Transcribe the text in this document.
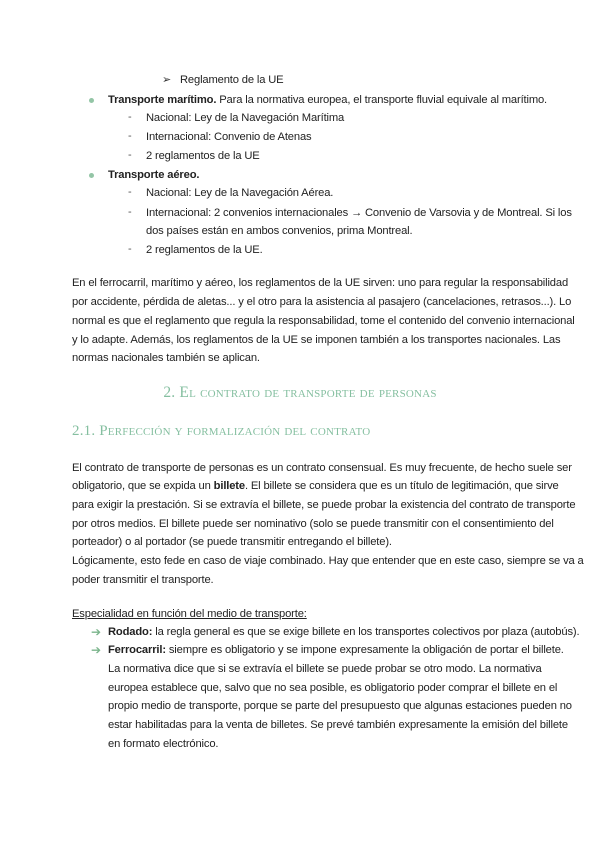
➢ Reglamento de la UE
Transporte marítimo. Para la normativa europea, el transporte fluvial equivale al marítimo.
- Nacional: Ley de la Navegación Marítima
- Internacional: Convenio de Atenas
- 2 reglamentos de la UE
Transporte aéreo.
- Nacional: Ley de la Navegación Aérea.
- Internacional: 2 convenios internacionales → Convenio de Varsovia y de Montreal. Si los
dos países están en ambos convenios, prima Montreal.
- 2 reglamentos de la UE.
En el ferrocarril, marítimo y aéreo, los reglamentos de la UE sirven: uno para regular la responsabilidad
por accidente, pérdida de aletas... y el otro para la asistencia al pasajero (cancelaciones, retrasos...). Lo
normal es que el reglamento que regula la responsabilidad, tome el contenido del convenio internacional
y lo adapte. Además, los reglamentos de la UE se imponen también a los transportes nacionales. Las
normas nacionales también se aplican.
2. El contrato de transporte de personas
2.1. Perfección y formalización del contrato
El contrato de transporte de personas es un contrato consensual. Es muy frecuente, de hecho suele ser
obligatorio, que se expida un billete. El billete se considera que es un título de legitimación, que sirve
para exigir la prestación. Si se extravía el billete, se puede probar la existencia del contrato de transporte
por otros medios. El billete puede ser nominativo (solo se puede transmitir con el consentimiento del
porteador) o al portador (se puede transmitir entregando el billete).
Lógicamente, esto fede en caso de viaje combinado. Hay que entender que en este caso, siempre se va a
poder transmitir el transporte.
Especialidad en función del medio de transporte:
➔ Rodado: la regla general es que se exige billete en los transportes colectivos por plaza (autobús).
➔ Ferrocarril: siempre es obligatorio y se impone expresamente la obligación de portar el billete.
La normativa dice que si se extravía el billete se puede probar se otro modo. La normativa
europea establece que, salvo que no sea posible, es obligatorio poder comprar el billete en el
propio medio de transporte, porque se parte del presupuesto que algunas estaciones pueden no
estar habilitadas para la venta de billetes. Se prevé también expresamente la emisión del billete
en formato electrónico.
